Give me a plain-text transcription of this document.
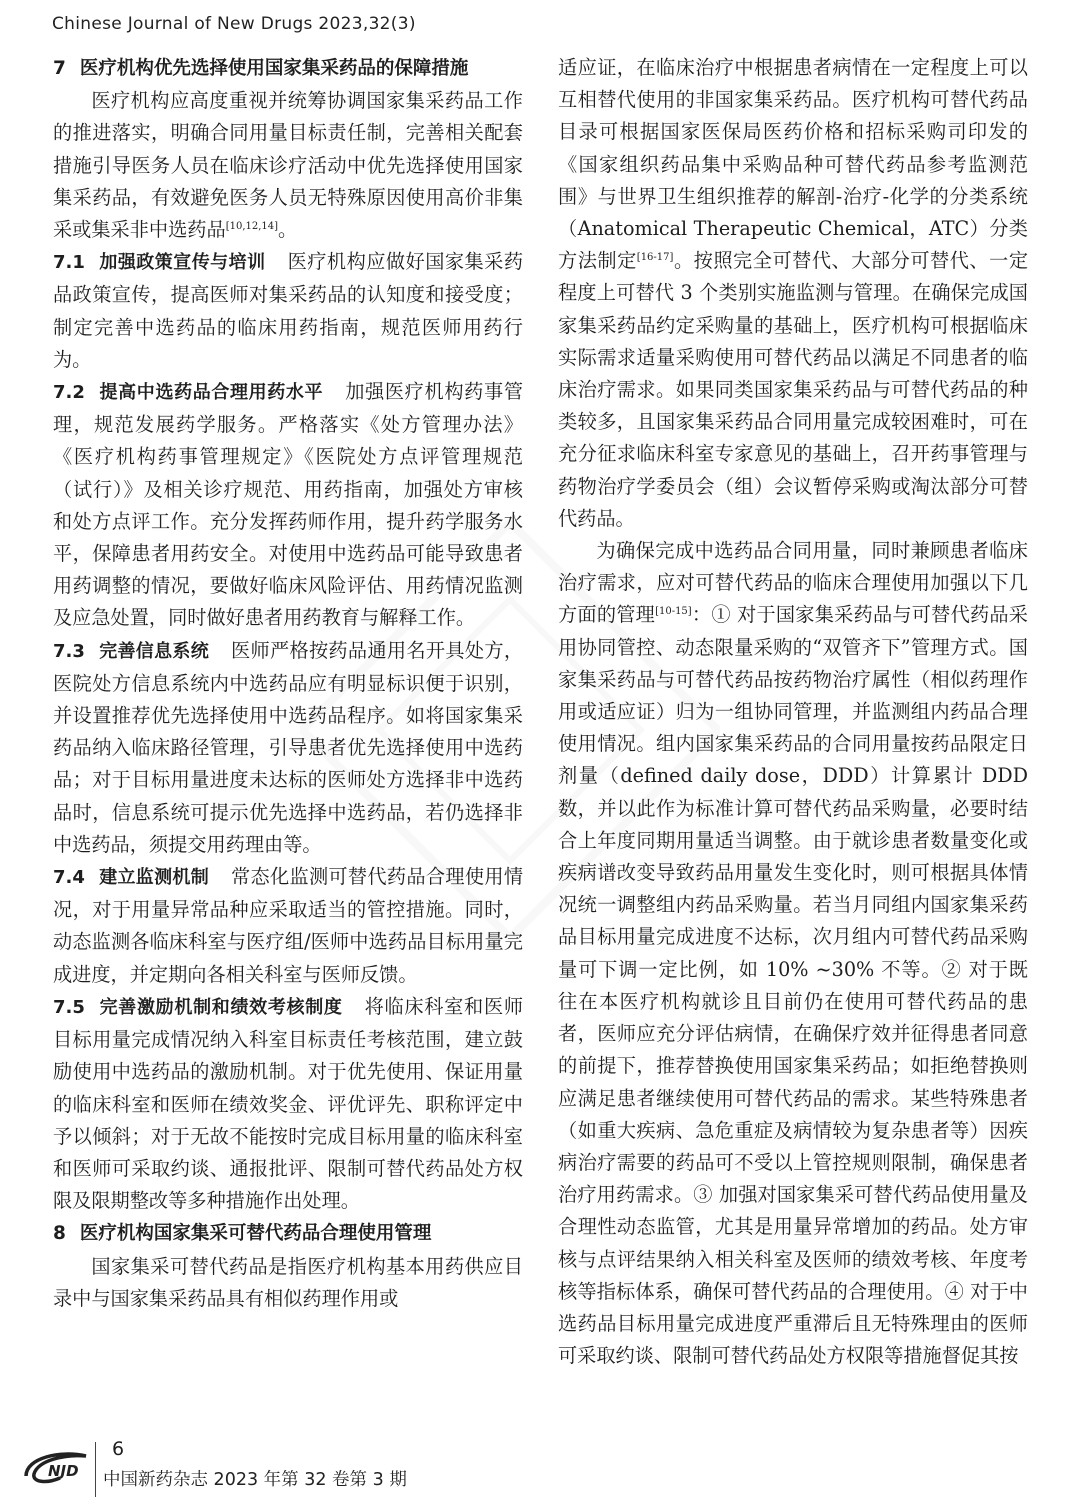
Chinese Journal of New Drugs 2023,32(3)

7 医疗机构优先选择使用国家集采药品的保障措施

医疗机构应高度重视并统筹协调国家集采药品工作的推进落实，明确合同用量目标责任制，完善相关配套措施引导医务人员在临床诊疗活动中优先选择使用国家集采药品，有效避免医务人员无特殊原因使用高价非集采或集采非中选药品[10,12,14]。

7.1 加强政策宣传与培训 医疗机构应做好国家集采药品政策宣传，提高医师对集采药品的认知度和接受度；制定完善中选药品的临床用药指南，规范医师用药行为。

7.2 提高中选药品合理用药水平 加强医疗机构药事管理，规范发展药学服务。严格落实《处方管理办法》《医疗机构药事管理规定》《医院处方点评管理规范（试行）》及相关诊疗规范、用药指南，加强处方审核和处方点评工作。充分发挥药师作用，提升药学服务水平，保障患者用药安全。对使用中选药品可能导致患者用药调整的情况，要做好临床风险评估、用药情况监测及应急处置，同时做好患者用药教育与解释工作。

7.3 完善信息系统 医师严格按药品通用名开具处方，医院处方信息系统内中选药品应有明显标识便于识别，并设置推荐优先选择使用中选药品程序。如将国家集采药品纳入临床路径管理，引导患者优先选择使用中选药品；对于目标用量进度未达标的医师处方选择非中选药品时，信息系统可提示优先选择中选药品，若仍选择非中选药品，须提交用药理由等。

7.4 建立监测机制 常态化监测可替代药品合理使用情况，对于用量异常品种应采取适当的管控措施。同时，动态监测各临床科室与医疗组/医师中选药品目标用量完成进度，并定期向各相关科室与医师反馈。

7.5 完善激励机制和绩效考核制度 将临床科室和医师目标用量完成情况纳入科室目标责任考核范围，建立鼓励使用中选药品的激励机制。对于优先使用、保证用量的临床科室和医师在绩效奖金、评优评先、职称评定中予以倾斜；对于无故不能按时完成目标用量的临床科室和医师可采取约谈、通报批评、限制可替代药品处方权限及限期整改等多种措施作出处理。

8 医疗机构国家集采可替代药品合理使用管理

国家集采可替代药品是指医疗机构基本用药供应目录中与国家集采药品具有相似药理作用或

适应证，在临床治疗中根据患者病情在一定程度上可以互相替代使用的非国家集采药品。医疗机构可替代药品目录可根据国家医保局医药价格和招标采购司印发的《国家组织药品集中采购品种可替代药品参考监测范围》与世界卫生组织推荐的解剖-治疗-化学的分类系统（Anatomical Therapeutic Chemical，ATC）分类方法制定[16-17]。按照完全可替代、大部分可替代、一定程度上可替代 3 个类别实施监测与管理。在确保完成国家集采药品约定采购量的基础上，医疗机构可根据临床实际需求适量采购使用可替代药品以满足不同患者的临床治疗需求。如果同类国家集采药品与可替代药品的种类较多，且国家集采药品合同用量完成较困难时，可在充分征求临床科室专家意见的基础上，召开药事管理与药物治疗学委员会（组）会议暂停采购或淘汰部分可替代药品。

为确保完成中选药品合同用量，同时兼顾患者临床治疗需求，应对可替代药品的临床合理使用加强以下几方面的管理[10-15]：① 对于国家集采药品与可替代药品采用协同管控、动态限量采购的“双管齐下”管理方式。国家集采药品与可替代药品按药物治疗属性（相似药理作用或适应证）归为一组协同管理，并监测组内药品合理使用情况。组内国家集采药品的合同用量按药品限定日剂量（defined daily dose，DDD）计算累计 DDD 数，并以此作为标准计算可替代药品采购量，必要时结合上年度同期用量适当调整。由于就诊患者数量变化或疾病谱改变导致药品用量发生变化时，则可根据具体情况统一调整组内药品采购量。若当月同组内国家集采药品目标用量完成进度不达标，次月组内可替代药品采购量可下调一定比例，如 10% ~30% 不等。② 对于既往在本医疗机构就诊且目前仍在使用可替代药品的患者，医师应充分评估病情，在确保疗效并征得患者同意的前提下，推荐替换使用国家集采药品；如拒绝替换则应满足患者继续使用可替代药品的需求。某些特殊患者（如重大疾病、急危重症及病情较为复杂患者等）因疾病治疗需要的药品可不受以上管控规则限制，确保患者治疗用药需求。③ 加强对国家集采可替代药品使用量及合理性动态监管，尤其是用量异常增加的药品。处方审核与点评结果纳入相关科室及医师的绩效考核、年度考核等指标体系，确保可替代药品的合理使用。④ 对于中选药品目标用量完成进度严重滞后且无特殊理由的医师可采取约谈、限制可替代药品处方权限等措施督促其按

NJD
6
中国新药杂志 2023 年第 32 卷第 3 期
